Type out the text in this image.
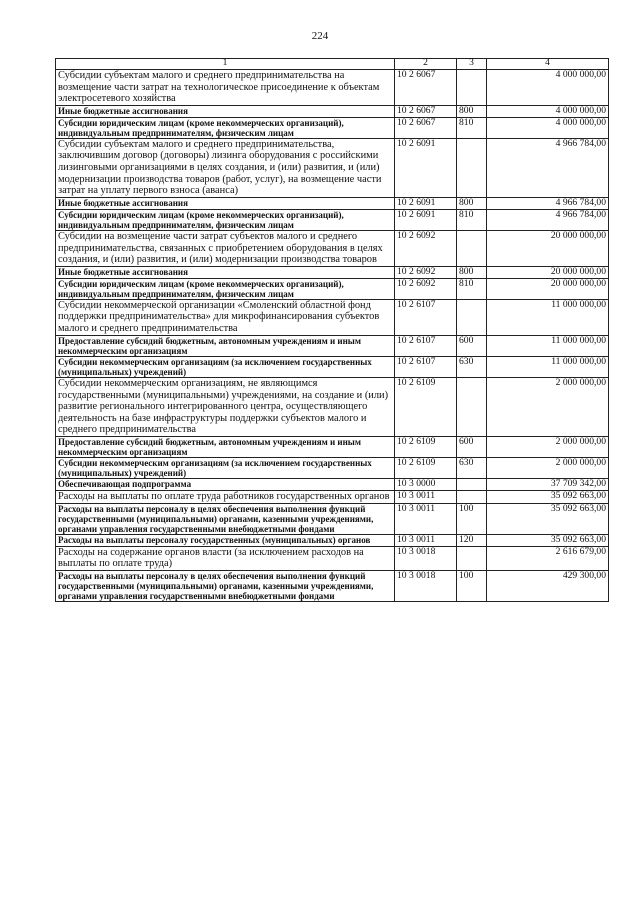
224
1	2	3	4
Субсидии субъектам малого и среднего предпринимательства на возмещение части затрат на технологическое присоединение к объектам электросетевого хозяйства	10 2 6067		4 000 000,00
Иные бюджетные ассигнования	10 2 6067	800	4 000 000,00
Субсидии юридическим лицам (кроме некоммерческих организаций), индивидуальным предпринимателям, физическим лицам	10 2 6067	810	4 000 000,00
Субсидии субъектам малого и среднего предпринимательства, заключившим договор (договоры) лизинга оборудования с российскими лизинговыми организациями в целях создания, и (или) развития, и (или) модернизации производства товаров (работ, услуг), на возмещение части затрат на уплату первого взноса (аванса)	10 2 6091		4 966 784,00
Иные бюджетные ассигнования	10 2 6091	800	4 966 784,00
Субсидии юридическим лицам (кроме некоммерческих организаций), индивидуальным предпринимателям, физическим лицам	10 2 6091	810	4 966 784,00
Субсидии на возмещение части затрат субъектов малого и среднего предпринимательства, связанных с приобретением оборудования в целях создания, и (или) развития, и (или) модернизации производства товаров	10 2 6092		20 000 000,00
Иные бюджетные ассигнования	10 2 6092	800	20 000 000,00
Субсидии юридическим лицам (кроме некоммерческих организаций), индивидуальным предпринимателям, физическим лицам	10 2 6092	810	20 000 000,00
Субсидии некоммерческой организации «Смоленский областной фонд поддержки предпринимательства» для микрофинансирования субъектов малого и среднего предпринимательства	10 2 6107		11 000 000,00
Предоставление субсидий бюджетным, автономным учреждениям и иным некоммерческим организациям	10 2 6107	600	11 000 000,00
Субсидии некоммерческим организациям (за исключением государственных (муниципальных) учреждений)	10 2 6107	630	11 000 000,00
Субсидии некоммерческим организациям, не являющимся государственными (муниципальными) учреждениями, на создание и (или) развитие регионального интегрированного центра, осуществляющего деятельность на базе инфраструктуры поддержки субъектов малого и среднего предпринимательства	10 2 6109		2 000 000,00
Предоставление субсидий бюджетным, автономным учреждениям и иным некоммерческим организациям	10 2 6109	600	2 000 000,00
Субсидии некоммерческим организациям (за исключением государственных (муниципальных) учреждений)	10 2 6109	630	2 000 000,00
Обеспечивающая подпрограмма	10 3 0000		37 709 342,00
Расходы на выплаты по оплате труда работников государственных органов	10 3 0011		35 092 663,00
Расходы на выплаты персоналу в целях обеспечения выполнения функций государственными (муниципальными) органами, казенными учреждениями, органами управления государственными внебюджетными фондами	10 3 0011	100	35 092 663,00
Расходы на выплаты персоналу государственных (муниципальных) органов	10 3 0011	120	35 092 663,00
Расходы на содержание органов власти (за исключением расходов на выплаты по оплате труда)	10 3 0018		2 616 679,00
Расходы на выплаты персоналу в целях обеспечения выполнения функций государственными (муниципальными) органами, казенными учреждениями, органами управления государственными внебюджетными фондами	10 3 0018	100	429 300,00
